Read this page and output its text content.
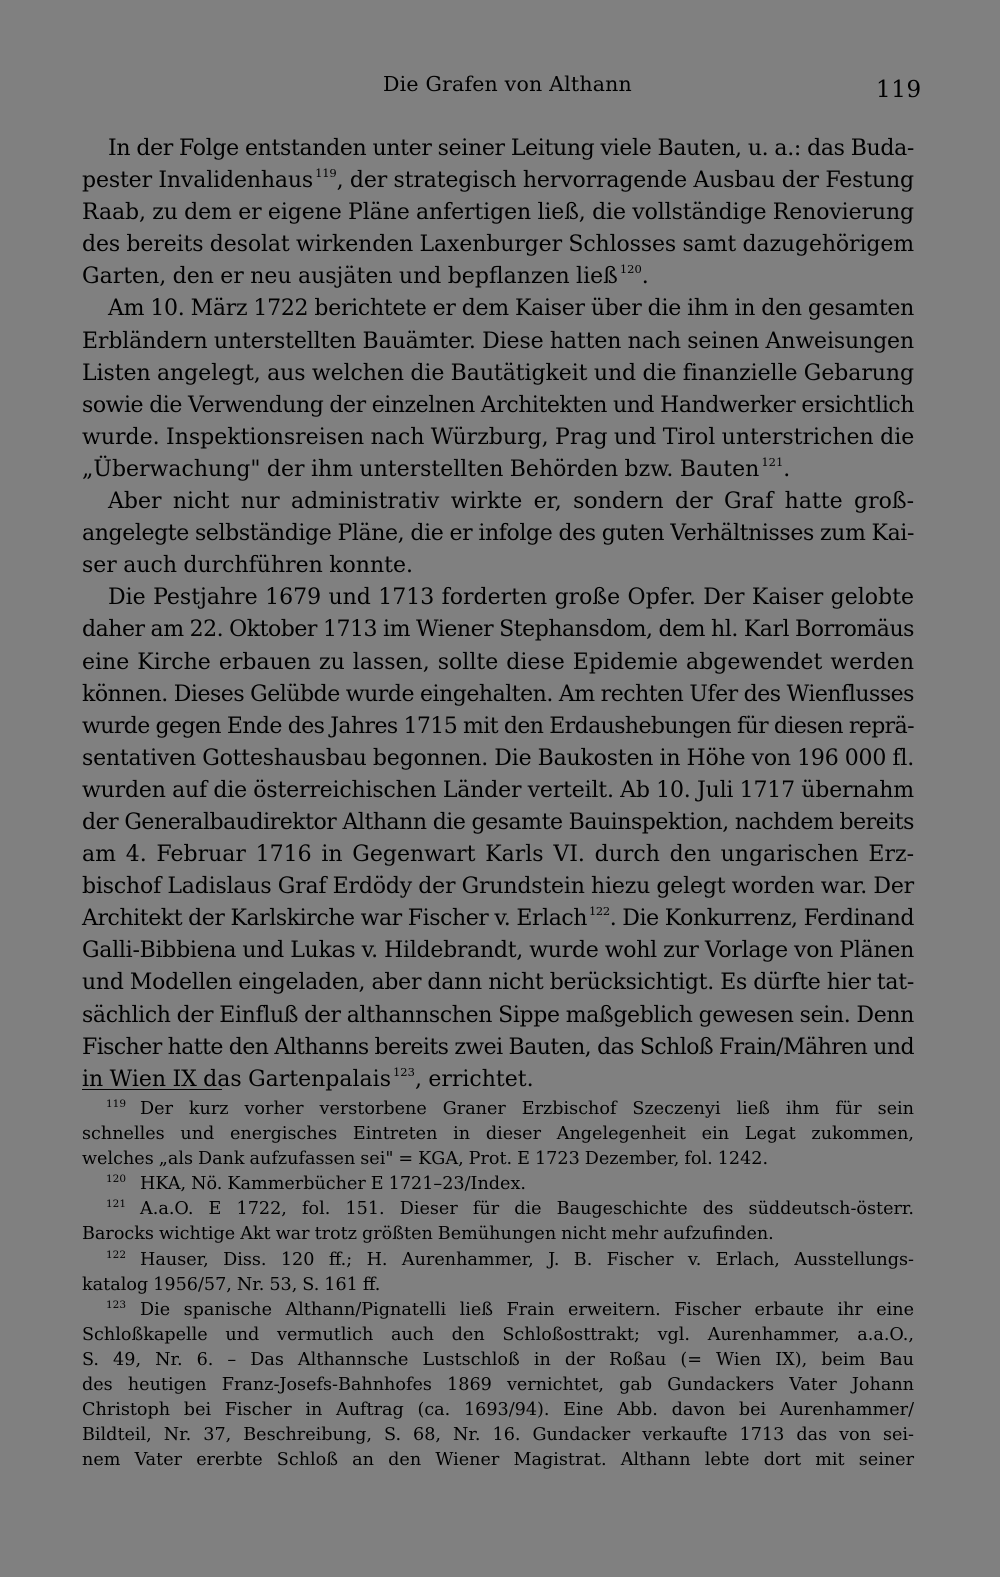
Die Grafen von Althann	119
In der Folge entstanden unter seiner Leitung viele Bauten, u. a.: das Buda-
pester Invalidenhaus $^{119}$, der strategisch hervorragende Ausbau der Festung
Raab, zu dem er eigene Pläne anfertigen ließ, die vollständige Renovierung
des bereits desolat wirkenden Laxenburger Schlosses samt dazugehörigem
Garten, den er neu ausjäten und bepflanzen ließ $^{120}$.
Am 10. März 1722 berichtete er dem Kaiser über die ihm in den gesamten
Erbländern unterstellten Bauämter. Diese hatten nach seinen Anweisungen
Listen angelegt, aus welchen die Bautätigkeit und die finanzielle Gebarung
sowie die Verwendung der einzelnen Architekten und Handwerker ersichtlich
wurde. Inspektionsreisen nach Würzburg, Prag und Tirol unterstrichen die
„Überwachung" der ihm unterstellten Behörden bzw. Bauten $^{121}$.
Aber nicht nur administrativ wirkte er, sondern der Graf hatte groß-
angelegte selbständige Pläne, die er infolge des guten Verhältnisses zum Kai-
ser auch durchführen konnte.
Die Pestjahre 1679 und 1713 forderten große Opfer. Der Kaiser gelobte
daher am 22. Oktober 1713 im Wiener Stephansdom, dem hl. Karl Borromäus
eine Kirche erbauen zu lassen, sollte diese Epidemie abgewendet werden
können. Dieses Gelübde wurde eingehalten. Am rechten Ufer des Wienflusses
wurde gegen Ende des Jahres 1715 mit den Erdaushebungen für diesen reprä-
sentativen Gotteshausbau begonnen. Die Baukosten in Höhe von 196 000 fl.
wurden auf die österreichischen Länder verteilt. Ab 10. Juli 1717 übernahm
der Generalbaudirektor Althann die gesamte Bauinspektion, nachdem bereits
am 4. Februar 1716 in Gegenwart Karls VI. durch den ungarischen Erz-
bischof Ladislaus Graf Erdödy der Grundstein hiezu gelegt worden war. Der
Architekt der Karlskirche war Fischer v. Erlach $^{122}$. Die Konkurrenz, Ferdinand
Galli-Bibbiena und Lukas v. Hildebrandt, wurde wohl zur Vorlage von Plänen
und Modellen eingeladen, aber dann nicht berücksichtigt. Es dürfte hier tat-
sächlich der Einfluß der althannschen Sippe maßgeblich gewesen sein. Denn
Fischer hatte den Althanns bereits zwei Bauten, das Schloß Frain/Mähren und
in Wien IX das Gartenpalais $^{123}$, errichtet.
119 Der kurz vorher verstorbene Graner Erzbischof Szeczenyi ließ ihm für sein
schnelles und energisches Eintreten in dieser Angelegenheit ein Legat zukommen,
welches „als Dank aufzufassen sei" = KGA, Prot. E 1723 Dezember, fol. 1242.
120 HKA, Nö. Kammerbücher E 1721–23/Index.
121 A.a.O. E 1722, fol. 151. Dieser für die Baugeschichte des süddeutsch-österr.
Barocks wichtige Akt war trotz größten Bemühungen nicht mehr aufzufinden.
122 Hauser, Diss. 120 ff.; H. Aurenhammer, J. B. Fischer v. Erlach, Ausstellungs-
katalog 1956/57, Nr. 53, S. 161 ff.
123 Die spanische Althann/Pignatelli ließ Frain erweitern. Fischer erbaute ihr eine
Schloßkapelle und vermutlich auch den Schloßosttrakt; vgl. Aurenhammer, a.a.O.,
S. 49, Nr. 6. – Das Althannsche Lustschloß in der Roßau (= Wien IX), beim Bau
des heutigen Franz-Josefs-Bahnhofes 1869 vernichtet, gab Gundackers Vater Johann
Christoph bei Fischer in Auftrag (ca. 1693/94). Eine Abb. davon bei Aurenhammer/
Bildteil, Nr. 37, Beschreibung, S. 68, Nr. 16. Gundacker verkaufte 1713 das von sei-
nem Vater ererbte Schloß an den Wiener Magistrat. Althann lebte dort mit seiner
